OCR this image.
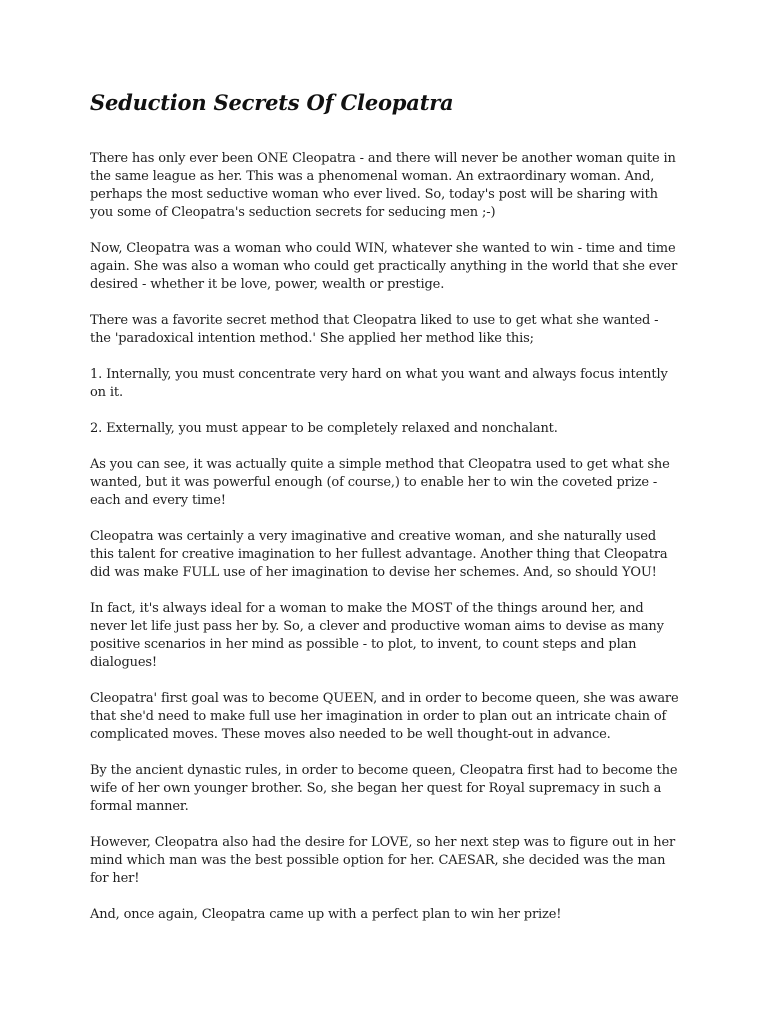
Seduction Secrets Of Cleopatra

There has only ever been ONE Cleopatra - and there will never be another woman quite in the same league as her. This was a phenomenal woman. An extraordinary woman. And, perhaps the most seductive woman who ever lived. So, today's post will be sharing with you some of Cleopatra's seduction secrets for seducing men ;-)

Now, Cleopatra was a woman who could WIN, whatever she wanted to win - time and time again. She was also a woman who could get practically anything in the world that she ever desired - whether it be love, power, wealth or prestige.

There was a favorite secret method that Cleopatra liked to use to get what she wanted - the 'paradoxical intention method.' She applied her method like this;

1. Internally, you must concentrate very hard on what you want and always focus intently on it.

2. Externally, you must appear to be completely relaxed and nonchalant.

As you can see, it was actually quite a simple method that Cleopatra used to get what she wanted, but it was powerful enough (of course,) to enable her to win the coveted prize - each and every time!

Cleopatra was certainly a very imaginative and creative woman, and she naturally used this talent for creative imagination to her fullest advantage. Another thing that Cleopatra did was make FULL use of her imagination to devise her schemes. And, so should YOU!

In fact, it's always ideal for a woman to make the MOST of the things around her, and never let life just pass her by. So, a clever and productive woman aims to devise as many positive scenarios in her mind as possible - to plot, to invent, to count steps and plan dialogues!

Cleopatra' first goal was to become QUEEN, and in order to become queen, she was aware that she'd need to make full use her imagination in order to plan out an intricate chain of complicated moves. These moves also needed to be well thought-out in advance.

By the ancient dynastic rules, in order to become queen, Cleopatra first had to become the wife of her own younger brother. So, she began her quest for Royal supremacy in such a formal manner.

However, Cleopatra also had the desire for LOVE, so her next step was to figure out in her mind which man was the best possible option for her. CAESAR, she decided was the man for her!

And, once again, Cleopatra came up with a perfect plan to win her prize!
